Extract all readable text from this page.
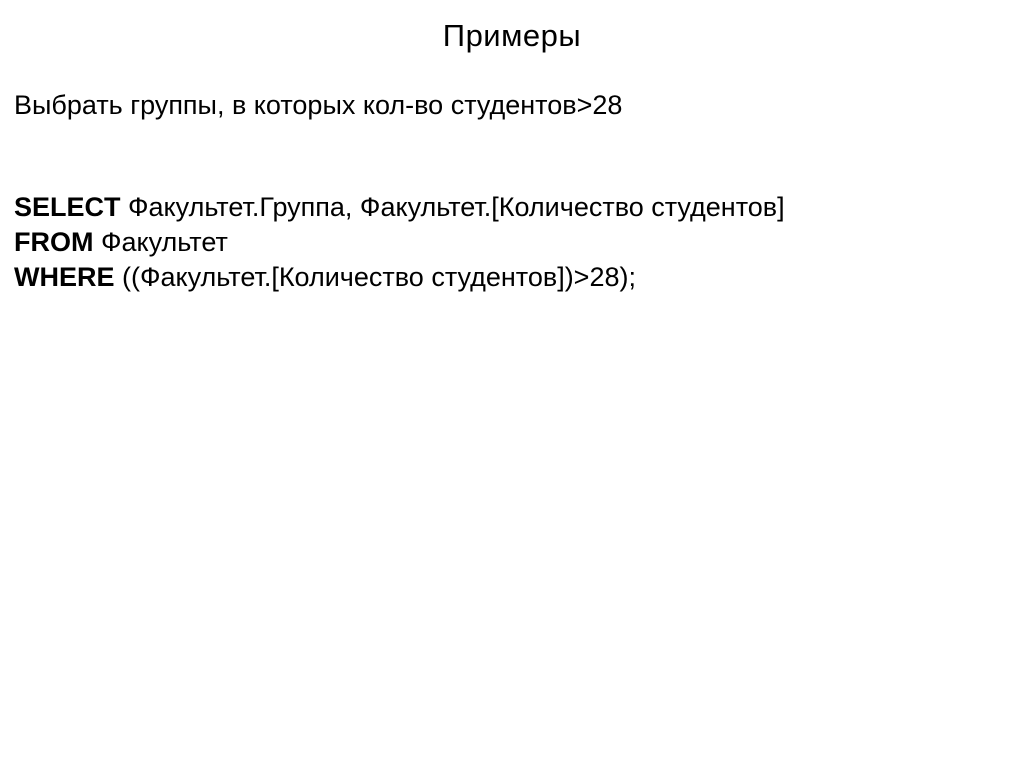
Примеры
Выбрать группы, в которых кол-во студентов>28
SELECT Факультет.Группа, Факультет.[Количество студентов]
FROM Факультет
WHERE ((Факультет.[Количество студентов])>28);
